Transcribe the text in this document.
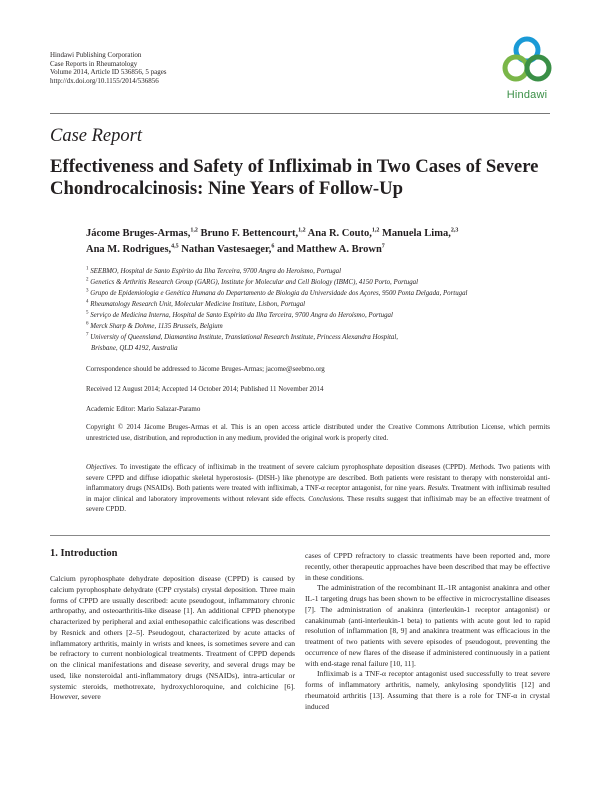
Hindawi Publishing Corporation
Case Reports in Rheumatology
Volume 2014, Article ID 536856, 5 pages
http://dx.doi.org/10.1155/2014/536856
Hindawi
Case Report
Effectiveness and Safety of Infliximab in Two Cases of Severe
Chondrocalcinosis: Nine Years of Follow-Up
Jácome Bruges-Armas,$^{1,2}$ Bruno F. Bettencourt,$^{1,2}$ Ana R. Couto,$^{1,2}$ Manuela Lima,$^{2,3}$
Ana M. Rodrigues,$^{4,5}$ Nathan Vastesaeger,$^6$ and Matthew A. Brown$^7$
$^1$ SEEBMO, Hospital de Santo Espírito da Ilha Terceira, 9700 Angra do Heroísmo, Portugal
$^2$ Genetics & Arthritis Research Group (GARG), Institute for Molecular and Cell Biology (IBMC), 4150 Porto, Portugal
$^3$ Grupo de Epidemiologia e Genética Humana do Departamento de Biologia da Universidade dos Açores, 9500 Ponta Delgada, Portugal
$^4$ Rheumatology Research Unit, Molecular Medicine Institute, Lisbon, Portugal
$^5$ Serviço de Medicina Interna, Hospital de Santo Espírito da Ilha Terceira, 9700 Angra do Heroísmo, Portugal
$^6$ Merck Sharp & Dohme, 1135 Brussels, Belgium
$^7$ University of Queensland, Diamantina Institute, Translational Research Institute, Princess Alexandra Hospital,
Brisbane, QLD 4192, Australia
Correspondence should be addressed to Jácome Bruges-Armas; jacome@seebmo.org
Received 12 August 2014; Accepted 14 October 2014; Published 11 November 2014
Academic Editor: Mario Salazar-Paramo
Copyright © 2014 Jácome Bruges-Armas et al. This is an open access article distributed under the Creative Commons Attribution License, which permits unrestricted use, distribution, and reproduction in any medium, provided the original work is properly cited.
Objectives. To investigate the efficacy of infliximab in the treatment of severe calcium pyrophosphate deposition diseases (CPPD). Methods. Two patients with severe CPPD and diffuse idiopathic skeletal hyperostosis- (DISH-) like phenotype are described. Both patients were resistant to therapy with nonsteroidal anti-inflammatory drugs (NSAIDs). Both patients were treated with infliximab, a TNF-α receptor antagonist, for nine years. Results. Treatment with infliximab resulted in major clinical and laboratory improvements without relevant side effects. Conclusions. These results suggest that infliximab may be an effective treatment of severe CPDD.
1. Introduction

Calcium pyrophosphate dehydrate deposition disease (CPPD) is caused by calcium pyrophosphate dehydrate (CPP crystals) crystal deposition. Three main forms of CPPD are usually described: acute pseudogout, inflammatory chronic arthropathy, and osteoarthritis-like disease [1]. An additional CPPD phenotype characterized by peripheral and axial enthesopathic calcifications was described by Resnick and others [2–5]. Pseudogout, characterized by acute attacks of inflammatory arthritis, mainly in wrists and knees, is sometimes severe and can be refractory to current nonbiological treatments. Treatment of CPPD depends on the clinical manifestations and disease severity, and several drugs may be used, like nonsteroidal anti-inflammatory drugs (NSAIDs), intra-articular or systemic steroids, methotrexate, hydroxychloroquine, and colchicine [6]. However, severe

cases of CPPD refractory to classic treatments have been reported and, more recently, other therapeutic approaches have been described that may be effective in these conditions.

The administration of the recombinant IL-1R antagonist anakinra and other IL-1 targeting drugs has been shown to be effective in microcrystalline diseases [7]. The administration of anakinra (interleukin-1 receptor antagonist) or canakinumab (anti-interleukin-1 beta) to patients with acute gout led to rapid resolution of inflammation [8, 9] and anakinra treatment was efficacious in the treatment of two patients with severe episodes of pseudogout, preventing the occurrence of new flares of the disease if administered continuously in a patient with end-stage renal failure [10, 11].

Infliximab is a TNF-α receptor antagonist used successfully to treat severe forms of inflammatory arthritis, namely, ankylosing spondylitis [12] and rheumatoid arthritis [13]. Assuming that there is a role for TNF-α in crystal induced
